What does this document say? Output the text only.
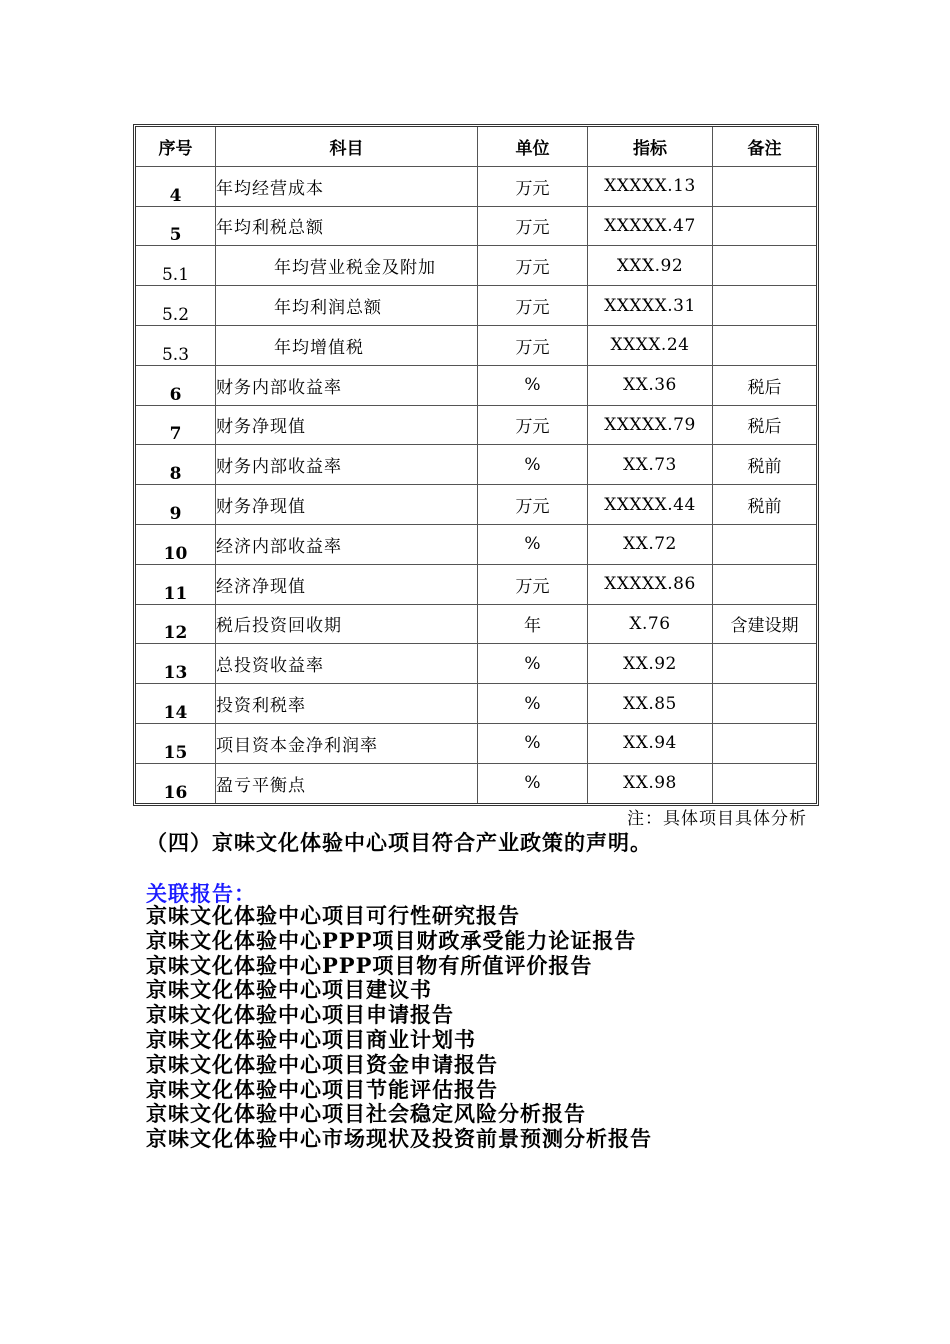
序号	科目	单位	指标	备注
4	年均经营成本	万元	XXXXX.13	
5	年均利税总额	万元	XXXXX.47	
5.1	年均营业税金及附加	万元	XXX.92	
5.2	年均利润总额	万元	XXXXX.31	
5.3	年均增值税	万元	XXXX.24	
6	财务内部收益率	%	XX.36	税后
7	财务净现值	万元	XXXXX.79	税后
8	财务内部收益率	%	XX.73	税前
9	财务净现值	万元	XXXXX.44	税前
10	经济内部收益率	%	XX.72	
11	经济净现值	万元	XXXXX.86	
12	税后投资回收期	年	X.76	含建设期
13	总投资收益率	%	XX.92	
14	投资利税率	%	XX.85	
15	项目资本金净利润率	%	XX.94	
16	盈亏平衡点	%	XX.98	
注：具体项目具体分析
（四）京味文化体验中心项目符合产业政策的声明。
关联报告：
京味文化体验中心项目可行性研究报告
京味文化体验中心PPP项目财政承受能力论证报告
京味文化体验中心PPP项目物有所值评价报告
京味文化体验中心项目建议书
京味文化体验中心项目申请报告
京味文化体验中心项目商业计划书
京味文化体验中心项目资金申请报告
京味文化体验中心项目节能评估报告
京味文化体验中心项目社会稳定风险分析报告
京味文化体验中心市场现状及投资前景预测分析报告
